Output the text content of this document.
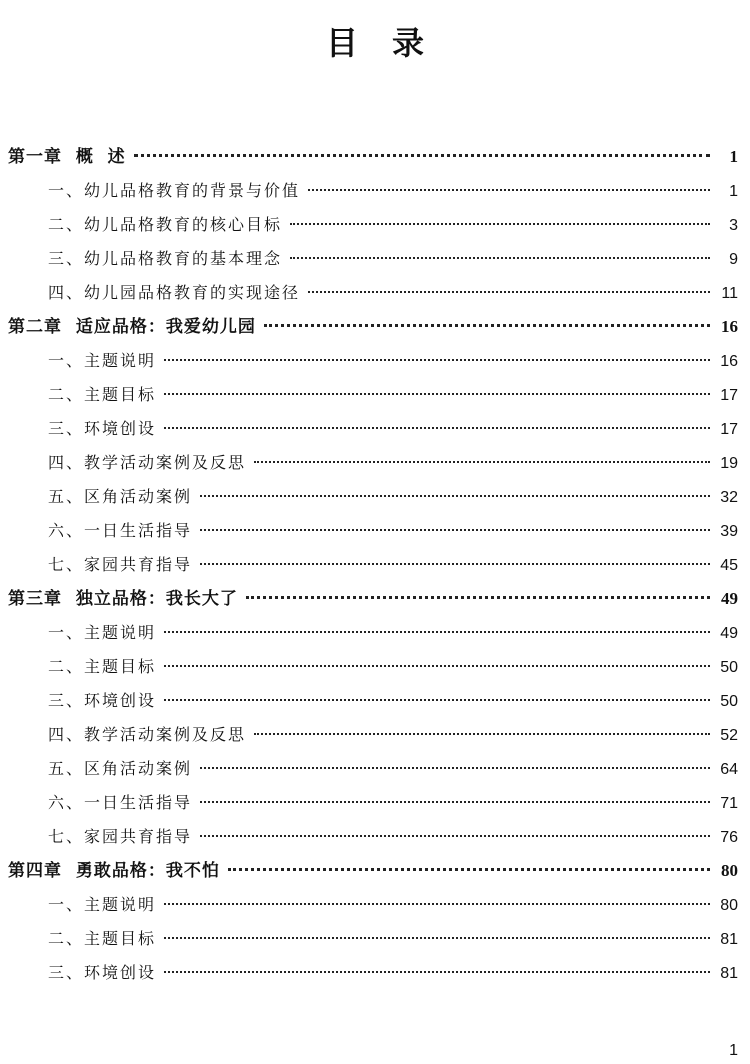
目录
第一章  概  述	1
一、幼儿品格教育的背景与价值	1
二、幼儿品格教育的核心目标	3
三、幼儿品格教育的基本理念	9
四、幼儿园品格教育的实现途径	11
第二章  适应品格：我爱幼儿园	16
一、主题说明	16
二、主题目标	17
三、环境创设	17
四、教学活动案例及反思	19
五、区角活动案例	32
六、一日生活指导	39
七、家园共育指导	45
第三章  独立品格：我长大了	49
一、主题说明	49
二、主题目标	50
三、环境创设	50
四、教学活动案例及反思	52
五、区角活动案例	64
六、一日生活指导	71
七、家园共育指导	76
第四章  勇敢品格：我不怕	80
一、主题说明	80
二、主题目标	81
三、环境创设	81
1
